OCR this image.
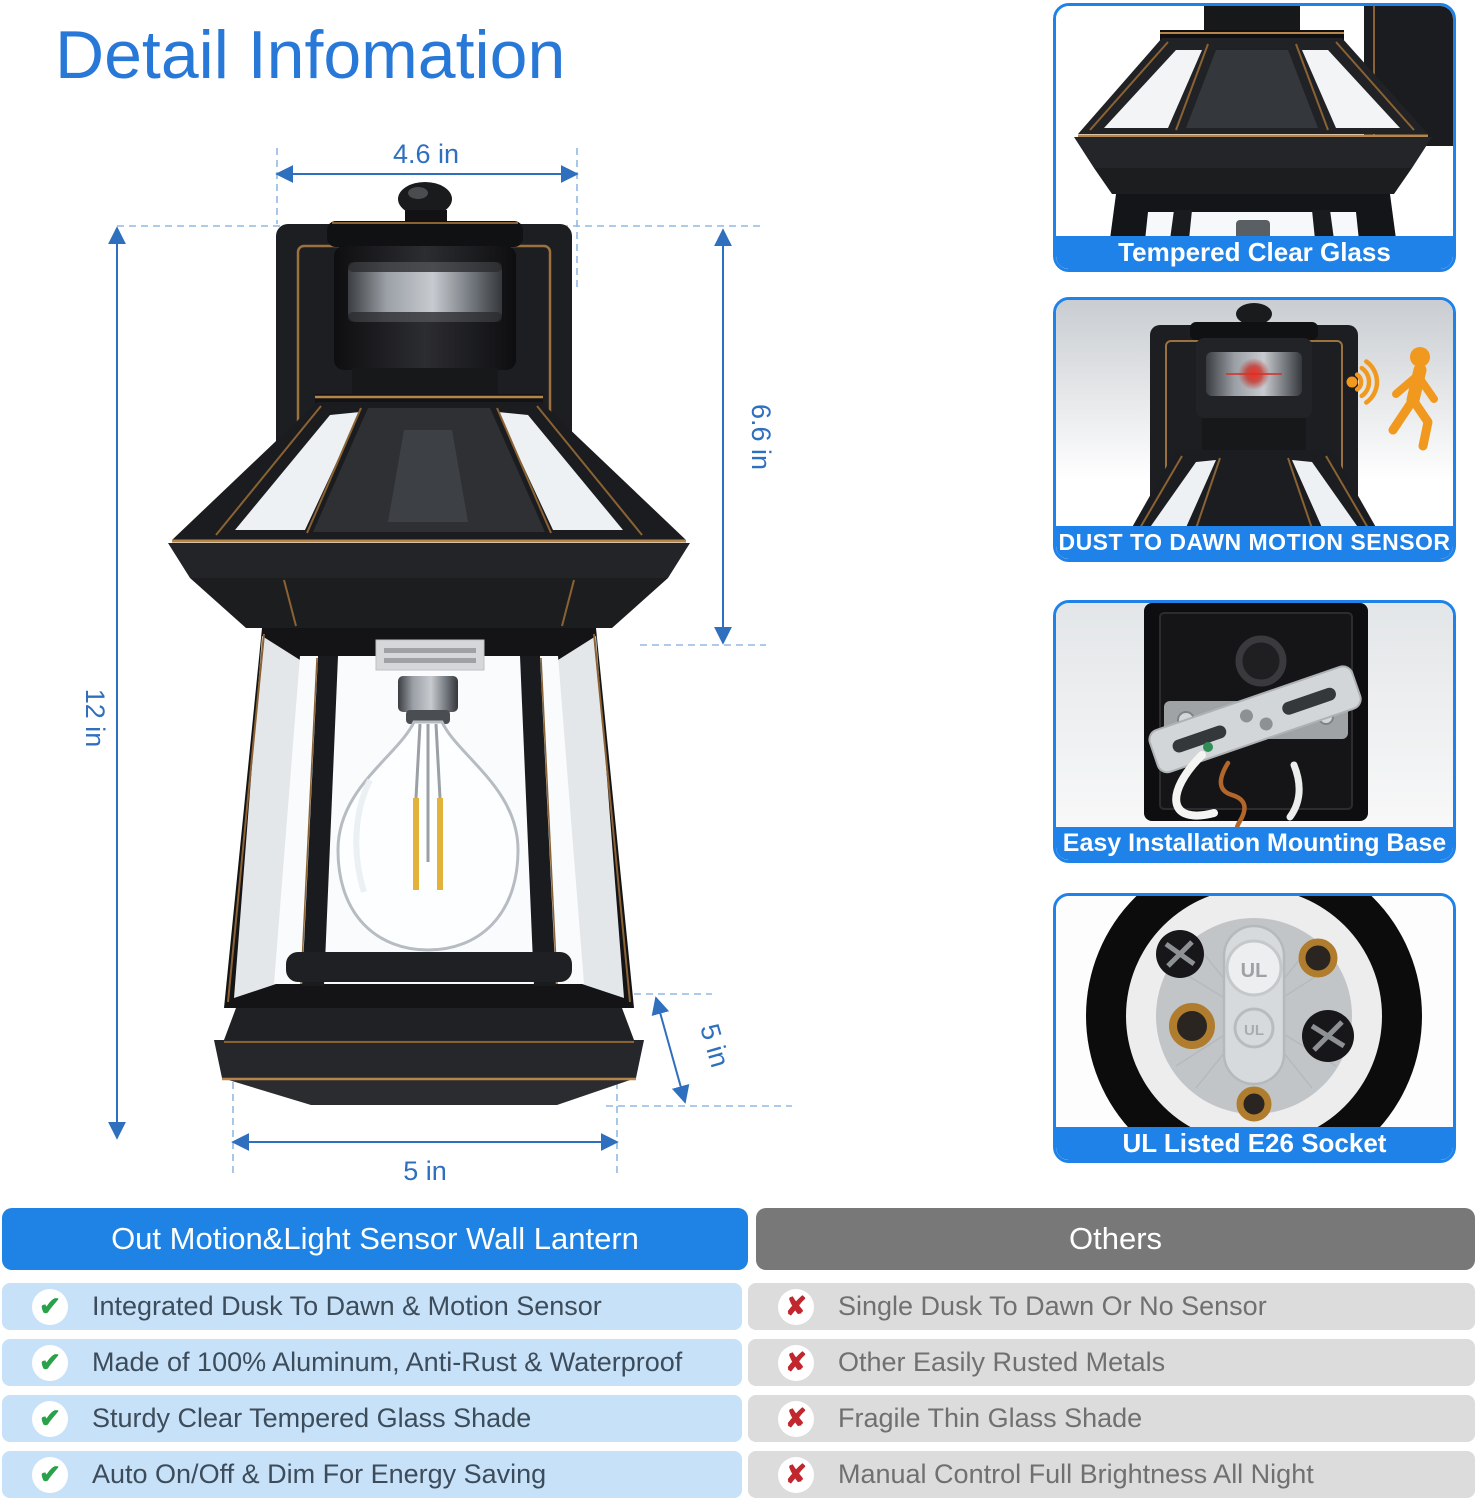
Detail Infomation
4.6 in
6.6 in
12 in
5 in
5 in
Tempered Clear Glass
DUST TO DAWN MOTION SENSOR
Easy Installation Mounting Base
UL
UL
UL Listed E26 Socket
Out Motion&Light Sensor Wall Lantern	Others
✔ Integrated Dusk To Dawn & Motion Sensor
✔ Made of 100% Aluminum, Anti-Rust & Waterproof
✔ Sturdy Clear Tempered Glass Shade
✔ Auto On/Off & Dim For Energy Saving
✘ Single Dusk To Dawn Or No Sensor
✘ Other Easily Rusted Metals
✘ Fragile Thin Glass Shade
✘ Manual Control Full Brightness All Night
